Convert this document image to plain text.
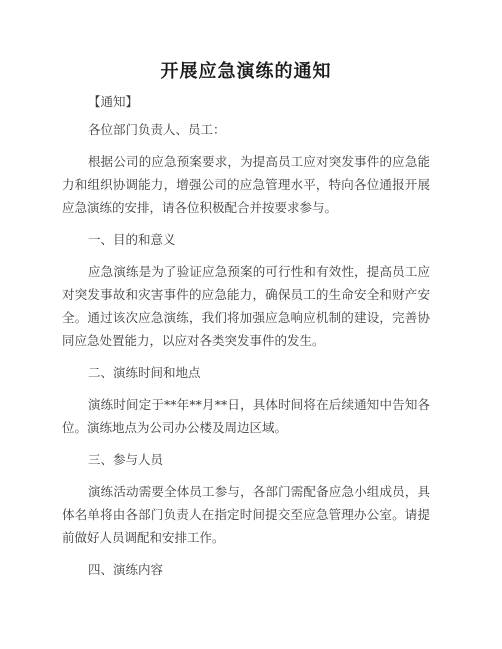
开展应急演练的通知

【通知】

各位部门负责人、员工：

根据公司的应急预案要求，为提高员工应对突发事件的应急能力和组织协调能力，增强公司的应急管理水平，特向各位通报开展应急演练的安排，请各位积极配合并按要求参与。

一、目的和意义

应急演练是为了验证应急预案的可行性和有效性，提高员工应对突发事故和灾害事件的应急能力，确保员工的生命安全和财产安全。通过该次应急演练，我们将加强应急响应机制的建设，完善协同应急处置能力，以应对各类突发事件的发生。

二、演练时间和地点

演练时间定于**年**月**日，具体时间将在后续通知中告知各位。演练地点为公司办公楼及周边区域。

三、参与人员

演练活动需要全体员工参与，各部门需配备应急小组成员，具体名单将由各部门负责人在指定时间提交至应急管理办公室。请提前做好人员调配和安排工作。

四、演练内容
